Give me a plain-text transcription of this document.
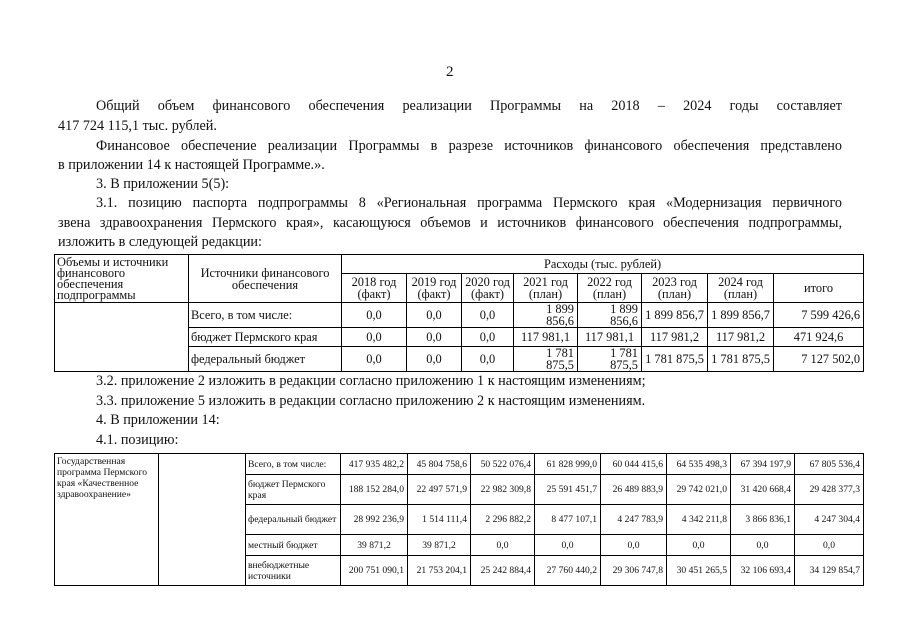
2
Общий объем финансового обеспечения реализации Программы на 2018 – 2024 годы составляет
417 724 115,1 тыс. рублей.
Финансовое обеспечение реализации Программы в разрезе источников финансового обеспечения представлено
в приложении 14 к настоящей Программе.».
3. В приложении 5(5):
3.1. позицию паспорта подпрограммы 8 «Региональная программа Пермского края «Модернизация первичного
звена здравоохранения Пермского края», касающуюся объемов и источников финансового обеспечения подпрограммы,
изложить в следующей редакции:
Объемы и источники финансового обеспечения подпрограммы	Источники финансового обеспечения	Расходы (тыс. рублей)							
		2018 год (факт)	2019 год (факт)	2020 год (факт)	2021 год (план)	2022 год (план)	2023 год (план)	2024 год (план)	итого
	Всего, в том числе:	0,0	0,0	0,0	1 899 856,6	1 899 856,6	1 899 856,7	1 899 856,7	7 599 426,6
	бюджет Пермского края	0,0	0,0	0,0	117 981,1	117 981,1	117 981,2	117 981,2	471 924,6
	федеральный бюджет	0,0	0,0	0,0	1 781 875,5	1 781 875,5	1 781 875,5	1 781 875,5	7 127 502,0
3.2. приложение 2 изложить в редакции согласно приложению 1 к настоящим изменениям;
3.3. приложение 5 изложить в редакции согласно приложению 2 к настоящим изменениям.
4. В приложении 14:
4.1. позицию:
Государственная программа Пермского края «Качественное здравоохранение»		Всего, в том числе:	417 935 482,2	45 804 758,6	50 522 076,4	61 828 999,0	60 044 415,6	64 535 498,3	67 394 197,9	67 805 536,4
		бюджет Пермского края	188 152 284,0	22 497 571,9	22 982 309,8	25 591 451,7	26 489 883,9	29 742 021,0	31 420 668,4	29 428 377,3
		федеральный бюджет	28 992 236,9	1 514 111,4	2 296 882,2	8 477 107,1	4 247 783,9	4 342 211,8	3 866 836,1	4 247 304,4
		местный бюджет	39 871,2	39 871,2	0,0	0,0	0,0	0,0	0,0	0,0
		внебюджетные источники	200 751 090,1	21 753 204,1	25 242 884,4	27 760 440,2	29 306 747,8	30 451 265,5	32 106 693,4	34 129 854,7
